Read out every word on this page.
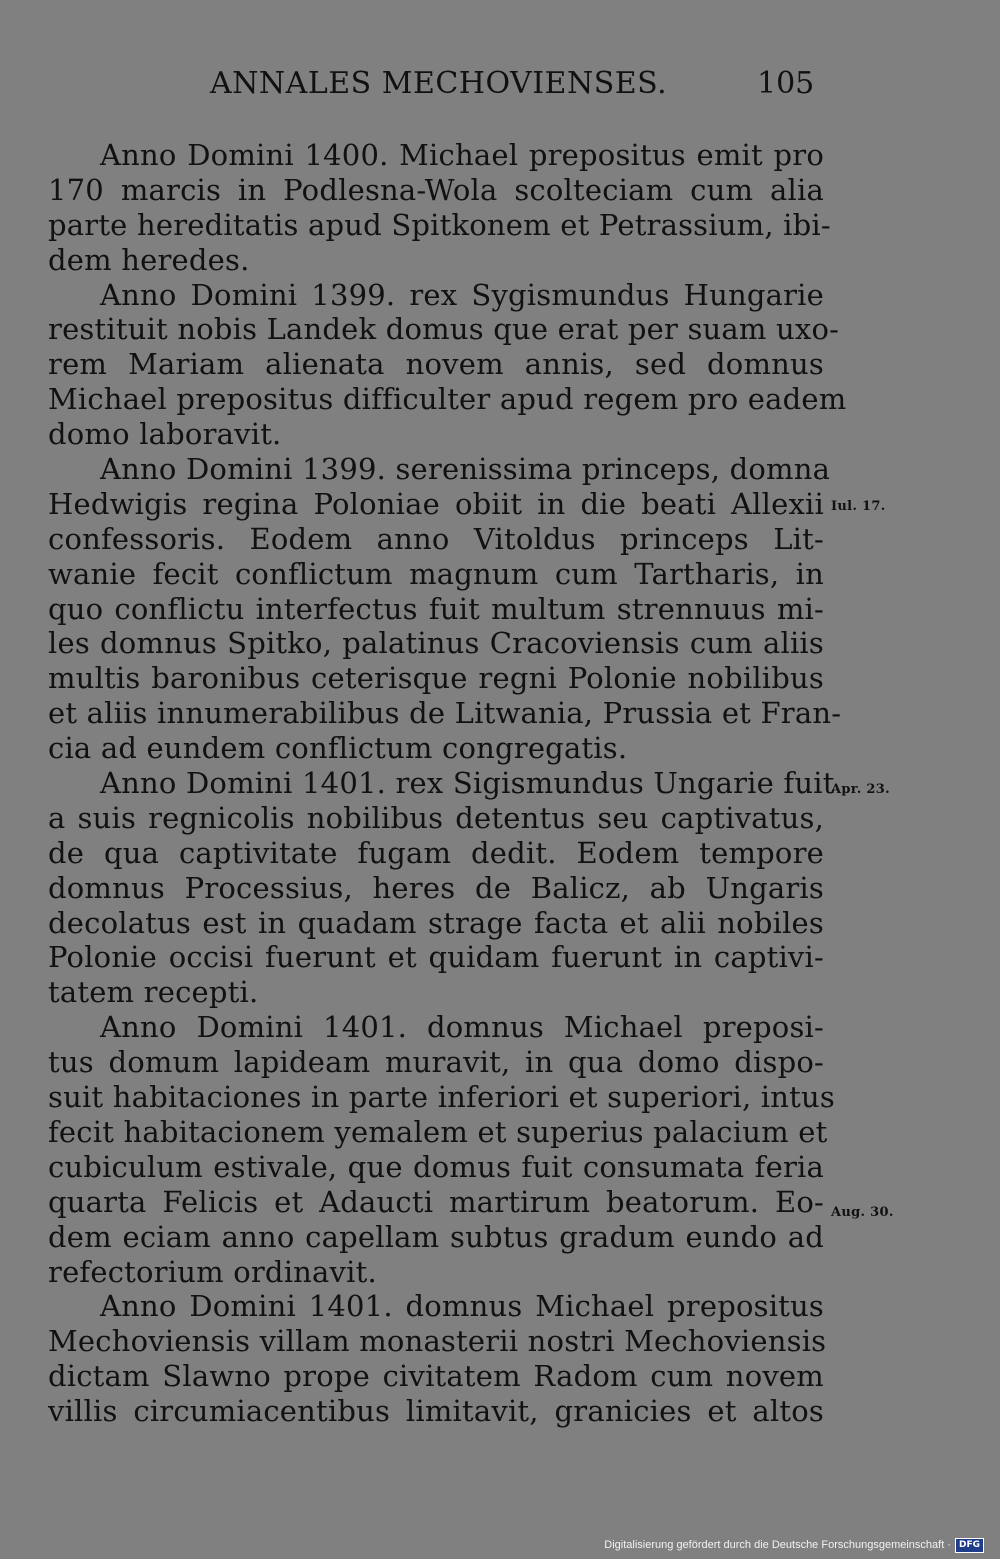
ANNALES MECHOVIENSES.	105
Anno Domini 1400. Michael prepositus emit pro
170 marcis in Podlesna-Wola scolteciam cum alia
parte hereditatis apud Spitkonem et Petrassium, ibi-
dem heredes.
Anno Domini 1399. rex Sygismundus Hungarie
restituit nobis Landek domus que erat per suam uxo-
rem Mariam alienata novem annis, sed domnus
Michael prepositus difficulter apud regem pro eadem
domo laboravit.
Anno Domini 1399. serenissima princeps, domna
Hedwigis regina Poloniae obiit in die beati Allexii
confessoris. Eodem anno Vitoldus princeps Lit-
wanie fecit conflictum magnum cum Tartharis, in
quo conflictu interfectus fuit multum strennuus mi-
les domnus Spitko, palatinus Cracoviensis cum aliis
multis baronibus ceterisque regni Polonie nobilibus
et aliis innumerabilibus de Litwania, Prussia et Fran-
cia ad eundem conflictum congregatis.
Anno Domini 1401. rex Sigismundus Ungarie fuit
a suis regnicolis nobilibus detentus seu captivatus,
de qua captivitate fugam dedit. Eodem tempore
domnus Processius, heres de Balicz, ab Ungaris
decolatus est in quadam strage facta et alii nobiles
Polonie occisi fuerunt et quidam fuerunt in captivi-
tatem recepti.
Anno Domini 1401. domnus Michael preposi-
tus domum lapideam muravit, in qua domo dispo-
suit habitaciones in parte inferiori et superiori, intus
fecit habitacionem yemalem et superius palacium et
cubiculum estivale, que domus fuit consumata feria
quarta Felicis et Adaucti martirum beatorum. Eo-
dem eciam anno capellam subtus gradum eundo ad
refectorium ordinavit.
Anno Domini 1401. domnus Michael prepositus
Mechoviensis villam monasterii nostri Mechoviensis
dictam Slawno prope civitatem Radom cum novem
villis circumiacentibus limitavit, granicies et altos
Iul. 17.
Apr. 23.
Aug. 30.
Digitalisierung gefördert durch die Deutsche Forschungsgemeinschaft · DFG
